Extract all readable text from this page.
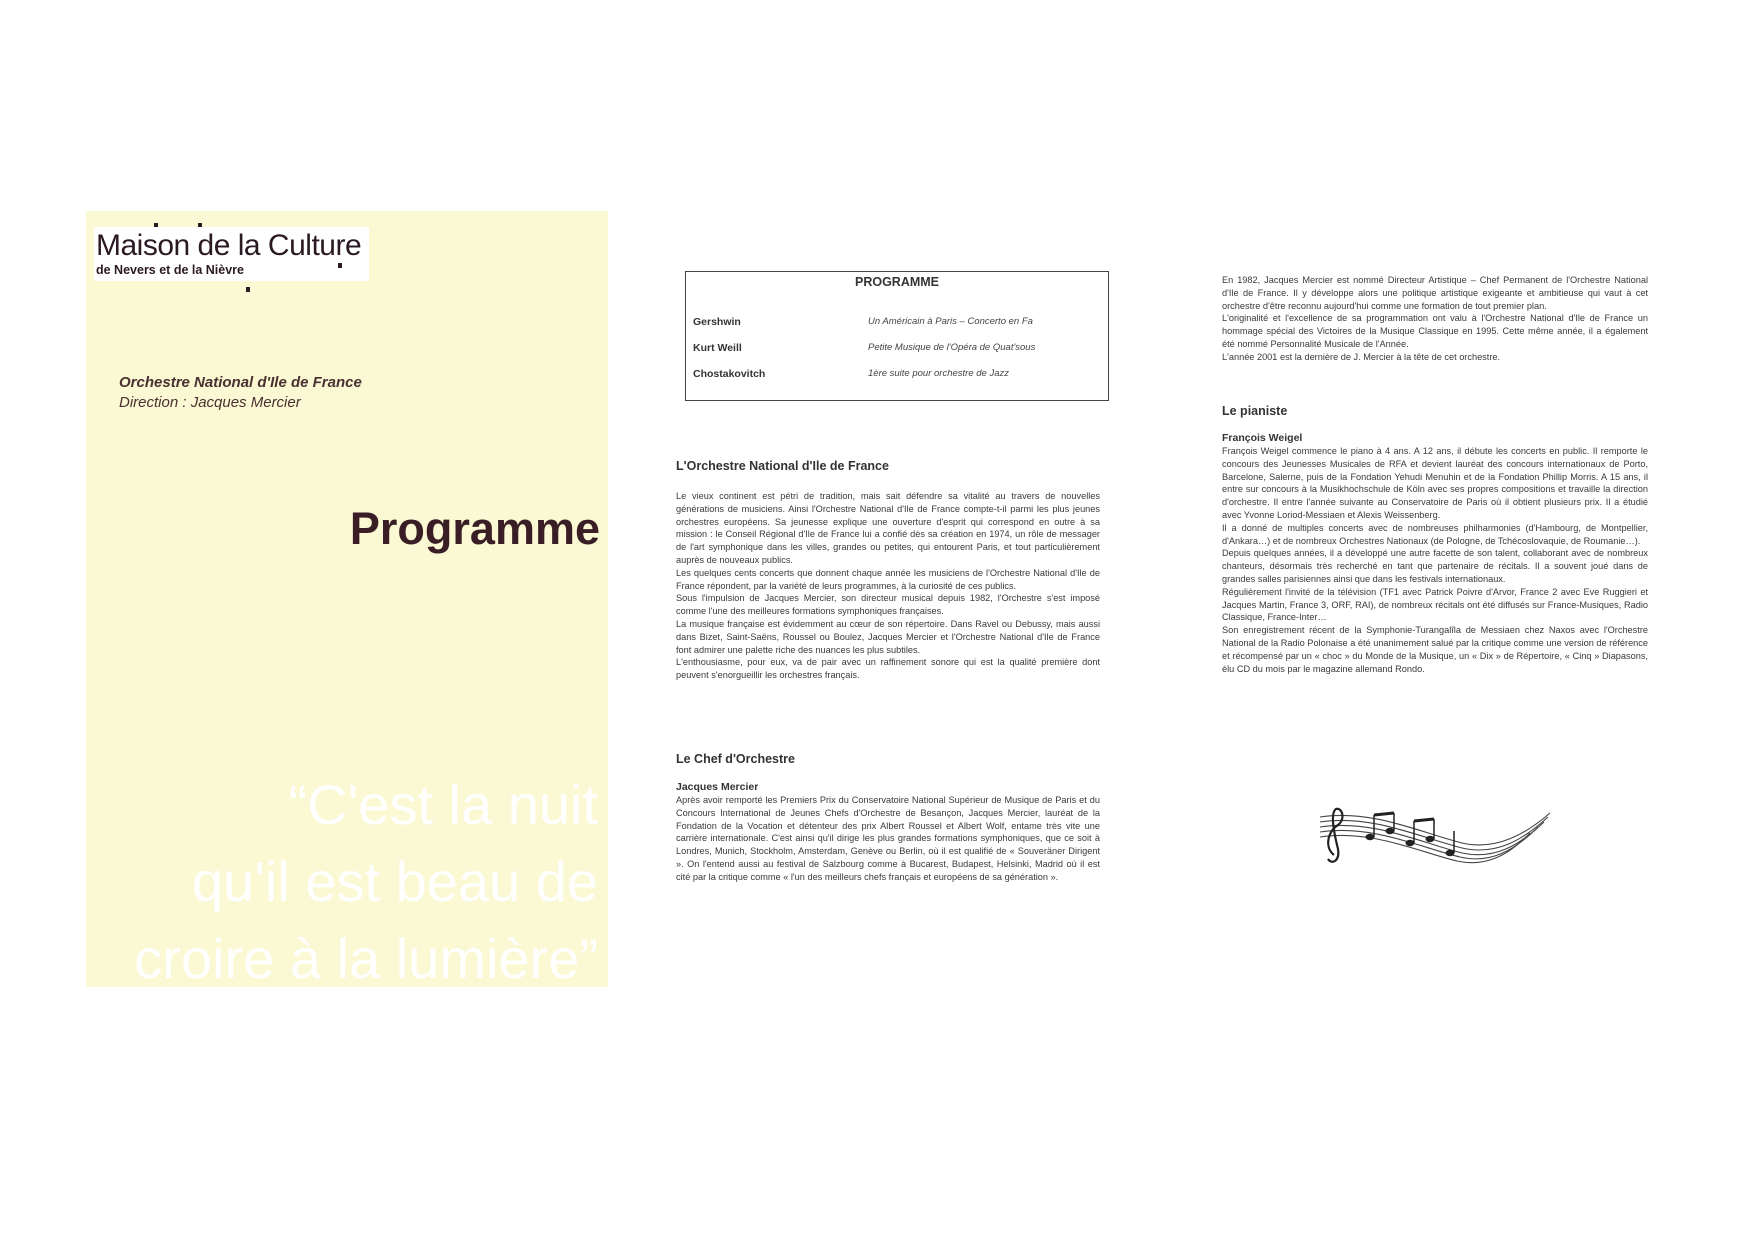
Maison de la Culture
de Nevers et de la Nièvre
Orchestre National d'Ile de France
Direction : Jacques Mercier
Programme
“C'est la nuit
qu'il est beau de
croire à la lumière”
PROGRAMME
Gershwin	Un Américain à Paris – Concerto en Fa
Kurt Weill	Petite Musique de l'Opéra de Quat'sous
Chostakovitch	1ère suite pour orchestre de Jazz
L'Orchestre National d'Ile de France

Le vieux continent est pétri de tradition, mais sait défendre sa vitalité au travers de nouvelles générations de musiciens. Ainsi l'Orchestre National d'Ile de France compte-t-il parmi les plus jeunes orchestres européens. Sa jeunesse explique une ouverture d'esprit qui correspond en outre à sa mission : le Conseil Régional d'Ile de France lui a confié dès sa création en 1974, un rôle de messager de l'art symphonique dans les villes, grandes ou petites, qui entourent Paris, et tout particulièrement auprès de nouveaux publics.

Les quelques cents concerts que donnent chaque année les musiciens de l'Orchestre National d'Ile de France répondent, par la variété de leurs programmes, à la curiosité de ces publics.

Sous l'impulsion de Jacques Mercier, son directeur musical depuis 1982, l'Orchestre s'est imposé comme l'une des meilleures formations symphoniques françaises.

La musique française est évidemment au cœur de son répertoire. Dans Ravel ou Debussy, mais aussi dans Bizet, Saint-Saëns, Roussel ou Boulez, Jacques Mercier et l'Orchestre National d'Ile de France font admirer une palette riche des nuances les plus subtiles.

L'enthousiasme, pour eux, va de pair avec un raffinement sonore qui est la qualité première dont peuvent s'enorgueillir les orchestres français.

Le Chef d'Orchestre
Jacques Mercier

Après avoir remporté les Premiers Prix du Conservatoire National Supérieur de Musique de Paris et du Concours International de Jeunes Chefs d'Orchestre de Besançon, Jacques Mercier, lauréat de la Fondation de la Vocation et détenteur des prix Albert Roussel et Albert Wolf, entame très vite une carrière internationale. C'est ainsi qu'il dirige les plus grandes formations symphoniques, que ce soit à Londres, Munich, Stockholm, Amsterdam, Genève ou Berlin, où il est qualifié de « Souveräner Dirigent ». On l'entend aussi au festival de Salzbourg comme à Bucarest, Budapest, Helsinki, Madrid où il est cité par la critique comme « l'un des meilleurs chefs français et européens de sa génération ».

En 1982, Jacques Mercier est nommé Directeur Artistique – Chef Permanent de l'Orchestre National d'Ile de France. Il y développe alors une politique artistique exigeante et ambitieuse qui vaut à cet orchestre d'être reconnu aujourd'hui comme une formation de tout premier plan.

L'originalité et l'excellence de sa programmation ont valu à l'Orchestre National d'Ile de France un hommage spécial des Victoires de la Musique Classique en 1995. Cette même année, il a également été nommé Personnalité Musicale de l'Année.

L'année 2001 est la dernière de J. Mercier à la tête de cet orchestre.

Le pianiste
François Weigel

François Weigel commence le piano à 4 ans. A 12 ans, il débute les concerts en public. Il remporte le concours des Jeunesses Musicales de RFA et devient lauréat des concours internationaux de Porto, Barcelone, Salerne, puis de la Fondation Yehudi Menuhin et de la Fondation Phillip Morris. A 15 ans, il entre sur concours à la Musikhochschule de Köln avec ses propres compositions et travaille la direction d'orchestre. Il entre l'année suivante au Conservatoire de Paris où il obtient plusieurs prix. Il a étudié avec Yvonne Loriod-Messiaen et Alexis Weissenberg.

Il a donné de multiples concerts avec de nombreuses philharmonies (d'Hambourg, de Montpellier, d'Ankara…) et de nombreux Orchestres Nationaux (de Pologne, de Tchécoslovaquie, de Roumanie…).

Depuis quelques années, il a développé une autre facette de son talent, collaborant avec de nombreux chanteurs, désormais très recherché en tant que partenaire de récitals. Il a souvent joué dans de grandes salles parisiennes ainsi que dans les festivals internationaux.

Régulièrement l'invité de la télévision (TF1 avec Patrick Poivre d'Arvor, France 2 avec Eve Ruggieri et Jacques Martin, France 3, ORF, RAI), de nombreux récitals ont été diffusés sur France-Musiques, Radio Classique, France-Inter…

Son enregistrement récent de la Symphonie-Turangalîla de Messiaen chez Naxos avec l'Orchestre National de la Radio Polonaise a été unanimement salué par la critique comme une version de référence et récompensé par un « choc » du Monde de la Musique, un « Dix » de Répertoire, « Cinq » Diapasons, élu CD du mois par le magazine allemand Rondo.
